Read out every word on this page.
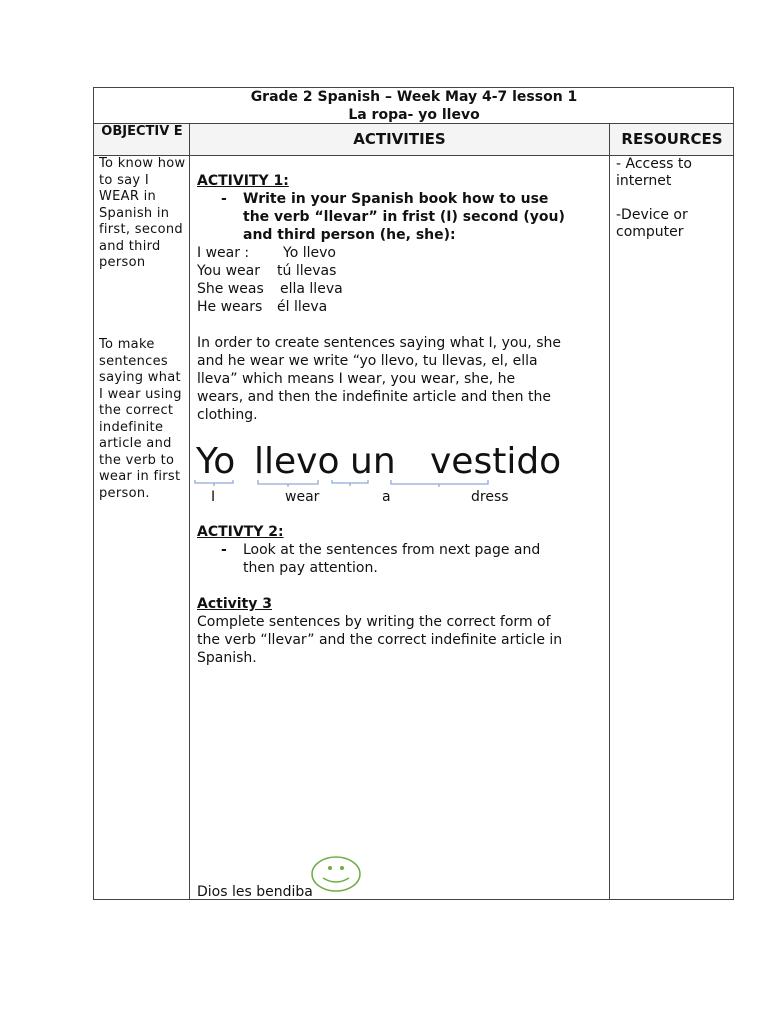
Grade 2 Spanish – Week May 4-7 lesson 1
La ropa- yo llevo
OBJECTIV E	ACTIVITIES	RESOURCES
To know how to say I WEAR in Spanish in first, second and third person
To make sentences saying what I wear using the correct indefinite article and the verb to wear in first person.
ACTIVITY 1:
- Write in your Spanish book how to use
the verb “llevar” in frist (I) second (you)
and third person (he, she):
I wear : Yo llevo
You wear tú llevas
She weas ella lleva
He wears él lleva
In order to create sentences saying what I, you, she
and he wear we write “yo llevo, tu llevas, el, ella
lleva” which means I wear, you wear, she, he
wears, and then the indefinite article and then the
clothing.
Yo llevo un vestido
I	wear	a	dress
ACTIVTY 2:
- Look at the sentences from next page and
then pay attention.
Activity 3
Complete sentences by writing the correct form of
the verb “llevar” and the correct indefinite article in
Spanish.
Dios les bendiba
- Access to internet
-Device or computer
